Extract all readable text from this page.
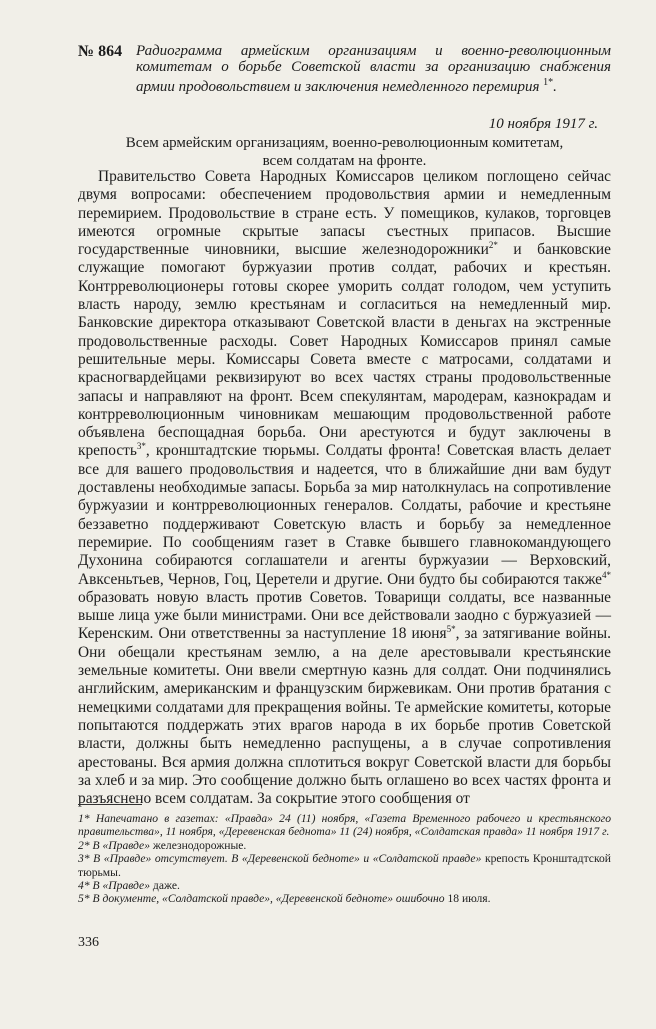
№ 864 Радиограмма армейским организациям и военно-революционным комитетам о борьбе Советской власти за организацию снабжения армии продовольствием и заключения немедленного перемирия $^{1*}$.
10 ноября 1917 г.
Всем армейским организациям, военно-революционным комитетам,
всем солдатам на фронте.

Правительство Совета Народных Комиссаров целиком поглощено сейчас двумя вопросами: обеспечением продовольствия армии и немедленным перемирием. Продовольствие в стране есть. У помещиков, кулаков, торговцев имеются огромные скрытые запасы съестных припасов. Высшие государственные чиновники, высшие железнодорожники$^{2*}$ и банковские служащие помогают буржуазии против солдат, рабочих и крестьян. Контрреволюционеры готовы скорее уморить солдат голодом, чем уступить власть народу, землю крестьянам и согласиться на немедленный мир. Банковские директора отказывают Советской власти в деньгах на экстренные продовольственные расходы. Совет Народных Комиссаров принял самые решительные меры. Комиссары Совета вместе с матросами, солдатами и красногвардейцами реквизируют во всех частях страны продовольственные запасы и направляют на фронт. Всем спекулянтам, мародерам, казнокрадам и контрреволюционным чиновникам мешающим продовольственной работе объявлена беспощадная борьба. Они арестуются и будут заключены в крепость$^{3*}$, кронштадтские тюрьмы. Солдаты фронта! Советская власть делает все для вашего продовольствия и надеется, что в ближайшие дни вам будут доставлены необходимые запасы. Борьба за мир натолкнулась на сопротивление буржуазии и контрреволюционных генералов. Солдаты, рабочие и крестьяне беззаветно поддерживают Советскую власть и борьбу за немедленное перемирие. По сообщениям газет в Ставке бывшего главнокомандующего Духонина собираются соглашатели и агенты буржуазии — Верховский, Авксеньтьев, Чернов, Гоц, Церетели и другие. Они будто бы собираются также$^{4*}$ образовать новую власть против Советов. Товарищи солдаты, все названные выше лица уже были министрами. Они все действовали заодно с буржуазией — Керенским. Они ответственны за наступление 18 июня$^{5*}$, за затягивание войны. Они обещали крестьянам землю, а на деле арестовывали крестьянские земельные комитеты. Они ввели смертную казнь для солдат. Они подчинялись английским, американским и французским биржевикам. Они против братания с немецкими солдатами для прекращения войны. Те армейские комитеты, которые попытаются поддержать этих врагов народа в их борьбе против Советской власти, должны быть немедленно распущены, а в случае сопротивления арестованы. Вся армия должна сплотиться вокруг Советской власти для борьбы за хлеб и за мир. Это сообщение должно быть оглашено во всех частях фронта и разъяснено всем солдатам. За сокрытие этого сообщения от

1* Напечатано в газетах: «Правда» 24 (11) ноября, «Газета Временного рабочего и крестьянского правительства», 11 ноября, «Деревенская беднота» 11 (24) ноября, «Солдатская правда» 11 ноября 1917 г.

2* В «Правде» железнодорожные.

3* В «Правде» отсутствует. В «Деревенской бедноте» и «Солдатской правде» крепость Кронштадтской тюрьмы.

4* В «Правде» даже.

5* В документе, «Солдатской правде», «Деревенской бедноте» ошибочно 18 июля.

336
